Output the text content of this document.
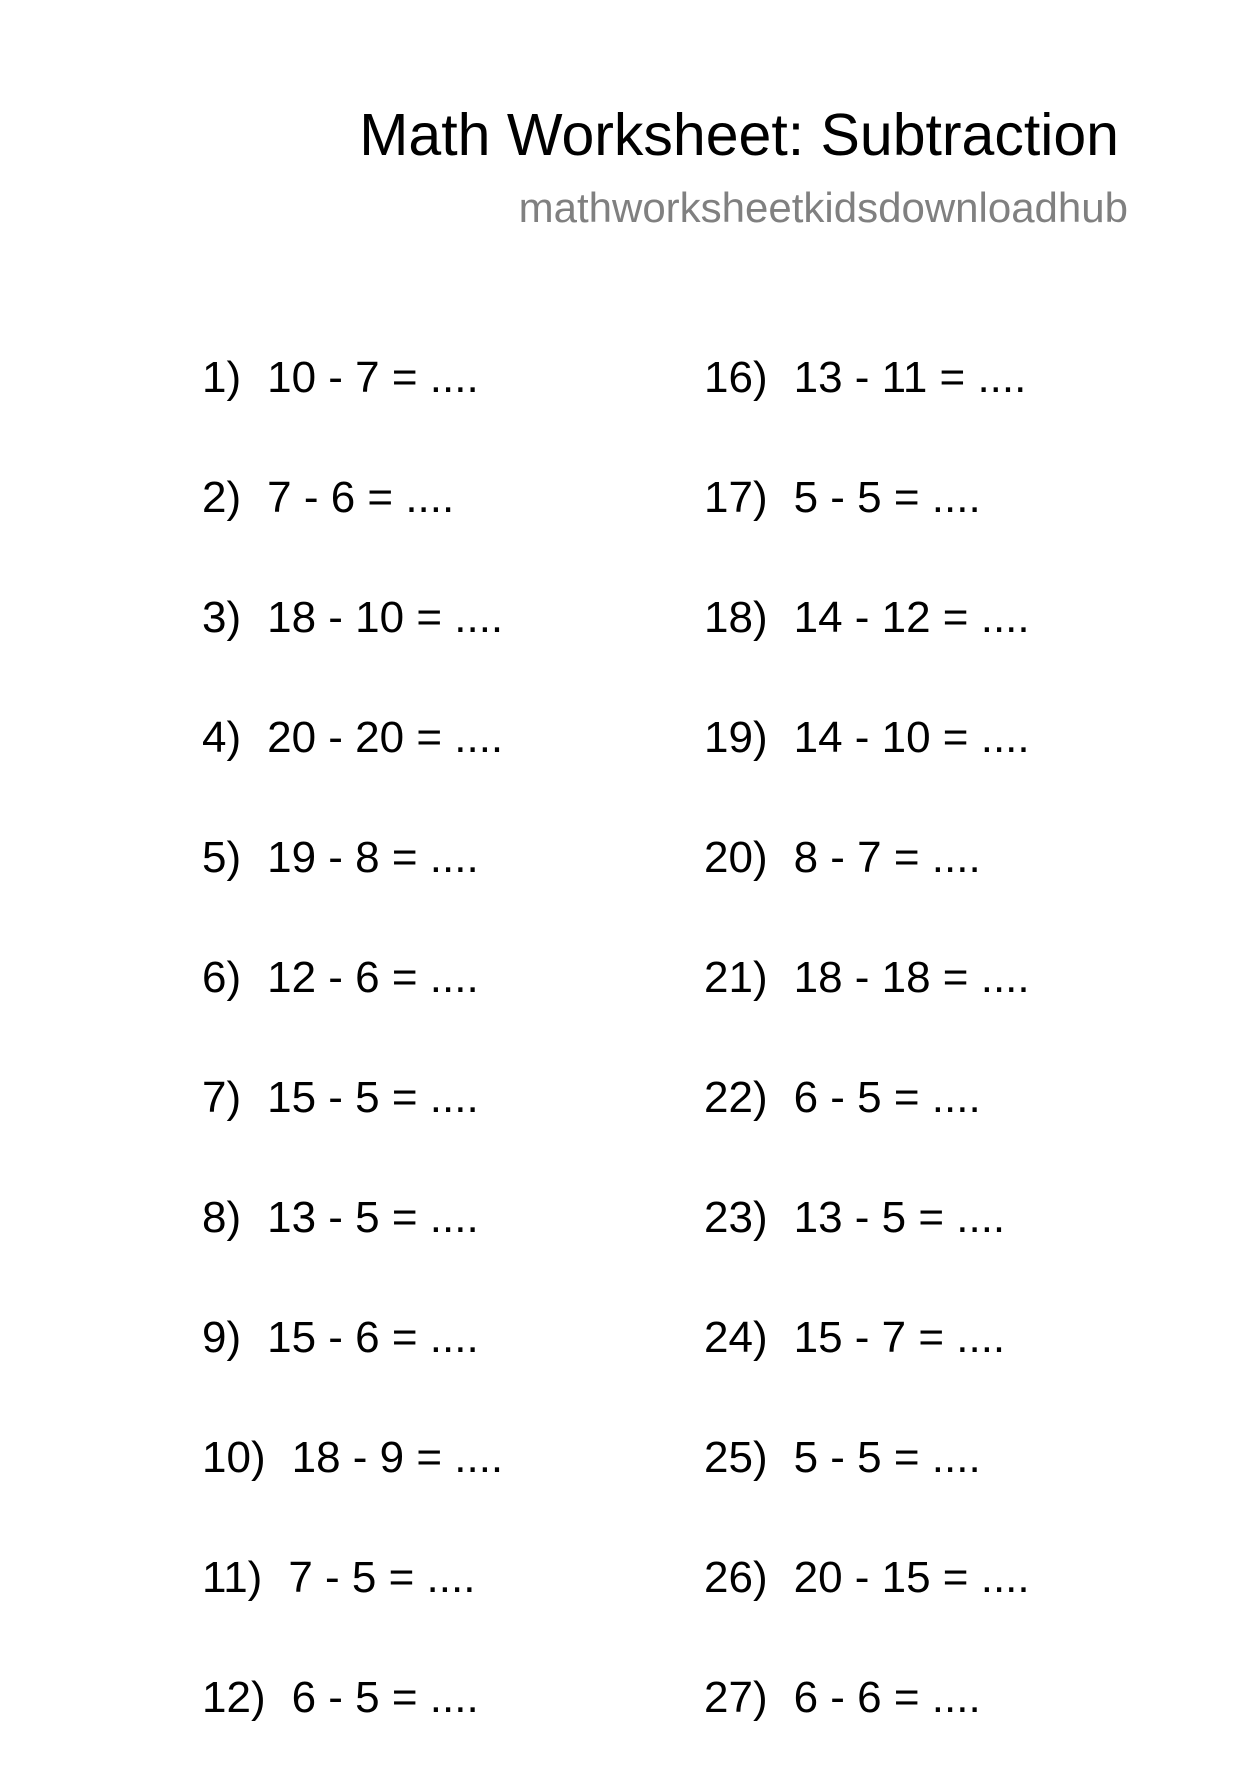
Math Worksheet: Subtraction
mathworksheetkidsdownloadhub
1) 10 - 7 = ....
2) 7 - 6 = ....
3) 18 - 10 = ....
4) 20 - 20 = ....
5) 19 - 8 = ....
6) 12 - 6 = ....
7) 15 - 5 = ....
8) 13 - 5 = ....
9) 15 - 6 = ....
10) 18 - 9 = ....
11) 7 - 5 = ....
12) 6 - 5 = ....
16) 13 - 11 = ....
17) 5 - 5 = ....
18) 14 - 12 = ....
19) 14 - 10 = ....
20) 8 - 7 = ....
21) 18 - 18 = ....
22) 6 - 5 = ....
23) 13 - 5 = ....
24) 15 - 7 = ....
25) 5 - 5 = ....
26) 20 - 15 = ....
27) 6 - 6 = ....
